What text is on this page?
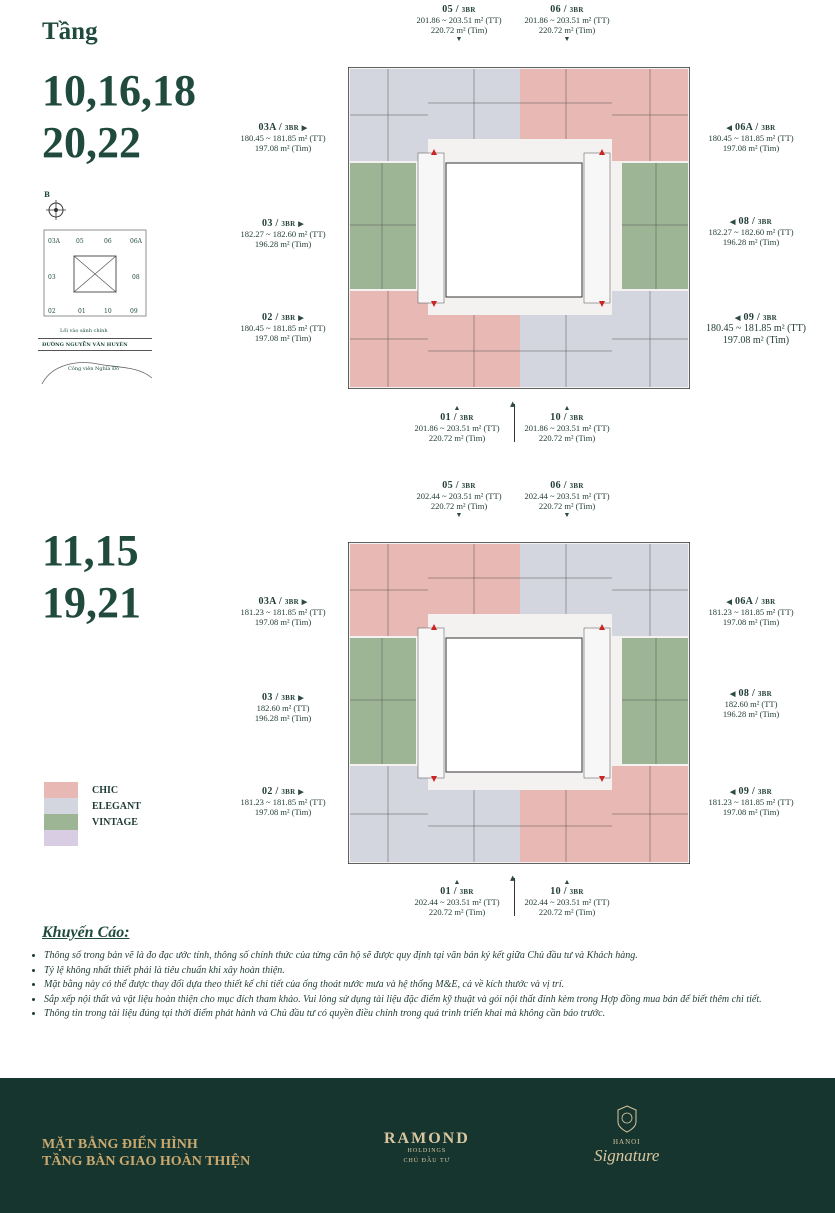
Tầng
10,16,18
20,22
11,15
19,21
B
03A	05	06	06A
03	08
02	01	10	09
Lối vào sảnh chính
ĐƯỜNG NGUYỄN VĂN HUYÊN
Công viên Nghĩa Đô
05 / 3BR
201.86 ~ 203.51 m² (TT)
220.72 m² (Tim)
▼
06 / 3BR
201.86 ~ 203.51 m² (TT)
220.72 m² (Tim)
▼
03A / 3BR ▶
180.45 ~ 181.85 m² (TT)
197.08 m² (Tim)
◀ 06A / 3BR
180.45 ~ 181.85 m² (TT)
197.08 m² (Tim)
03 / 3BR ▶
182.27 ~ 182.60 m² (TT)
196.28 m² (Tim)
◀ 08 / 3BR
182.27 ~ 182.60 m² (TT)
196.28 m² (Tim)
02 / 3BR ▶
180.45 ~ 181.85 m² (TT)
197.08 m² (Tim)
◀ 09 / 3BR
180.45 ~ 181.85 m² (TT)
197.08 m² (Tim)
▲
01 / 3BR
201.86 ~ 203.51 m² (TT)
220.72 m² (Tim)
▲	▲
10 / 3BR
201.86 ~ 203.51 m² (TT)
220.72 m² (Tim)
05 / 3BR
202.44 ~ 203.51 m² (TT)
220.72 m² (Tim)
▼
06 / 3BR
202.44 ~ 203.51 m² (TT)
220.72 m² (Tim)
▼
03A / 3BR ▶
181.23 ~ 181.85 m² (TT)
197.08 m² (Tim)
◀ 06A / 3BR
181.23 ~ 181.85 m² (TT)
197.08 m² (Tim)
03 / 3BR ▶
182.60 m² (TT)
196.28 m² (Tim)
◀ 08 / 3BR
182.60 m² (TT)
196.28 m² (Tim)
02 / 3BR ▶
181.23 ~ 181.85 m² (TT)
197.08 m² (Tim)
◀ 09 / 3BR
181.23 ~ 181.85 m² (TT)
197.08 m² (Tim)
▲
01 / 3BR
202.44 ~ 203.51 m² (TT)
220.72 m² (Tim)
▲	▲
10 / 3BR
202.44 ~ 203.51 m² (TT)
220.72 m² (Tim)
CHIC
ELEGANT
VINTAGE
Khuyến Cáo:
• Thông số trong bản vẽ là đo đạc ước tính, thông số chính thức của từng căn hộ sẽ được quy định tại văn bản ký kết giữa Chủ đầu tư và Khách hàng.
• Tỷ lệ không nhất thiết phải là tiêu chuẩn khi xây hoàn thiện.
• Mặt bằng này có thể được thay đổi dựa theo thiết kế chi tiết của ống thoát nước mưa và hệ thống M&E, cả về kích thước và vị trí.
• Sắp xếp nội thất và vật liệu hoàn thiện cho mục đích tham khảo. Vui lòng sử dụng tài liệu đặc điểm kỹ thuật và gói nội thất đính kèm trong Hợp đồng mua bán để biết thêm chi tiết.
• Thông tin trong tài liệu đúng tại thời điểm phát hành và Chủ đầu tư có quyền điều chỉnh trong quá trình triển khai mà không cần báo trước.
MẶT BẰNG ĐIỂN HÌNH
TẦNG BÀN GIAO HOÀN THIỆN
RAMOND
HOLDINGS
CHỦ ĐẦU TƯ
HANOI
Signature
